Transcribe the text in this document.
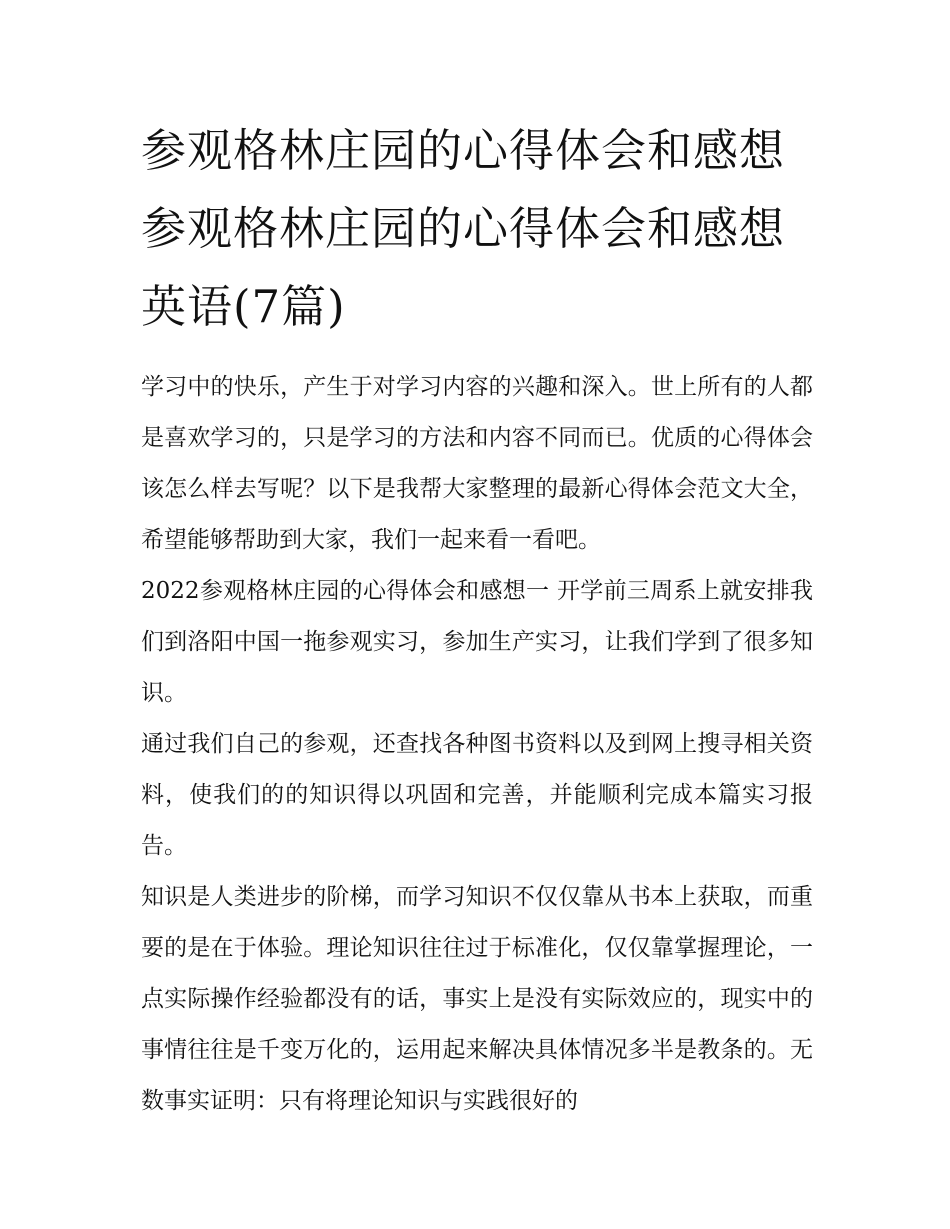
参观格林庄园的心得体会和感想 参观格林庄园的心得体会和感想英语(7篇)

学习中的快乐，产生于对学习内容的兴趣和深入。世上所有的人都是喜欢学习的，只是学习的方法和内容不同而已。优质的心得体会该怎么样去写呢？以下是我帮大家整理的最新心得体会范文大全，希望能够帮助到大家，我们一起来看一看吧。

2022参观格林庄园的心得体会和感想一 开学前三周系上就安排我们到洛阳中国一拖参观实习，参加生产实习，让我们学到了很多知识。

通过我们自己的参观，还查找各种图书资料以及到网上搜寻相关资料，使我们的的知识得以巩固和完善，并能顺利完成本篇实习报告。

知识是人类进步的阶梯，而学习知识不仅仅靠从书本上获取，而重要的是在于体验。理论知识往往过于标准化，仅仅靠掌握理论，一点实际操作经验都没有的话，事实上是没有实际效应的，现实中的事情往往是千变万化的，运用起来解决具体情况多半是教条的。无数事实证明：只有将理论知识与实践很好的
